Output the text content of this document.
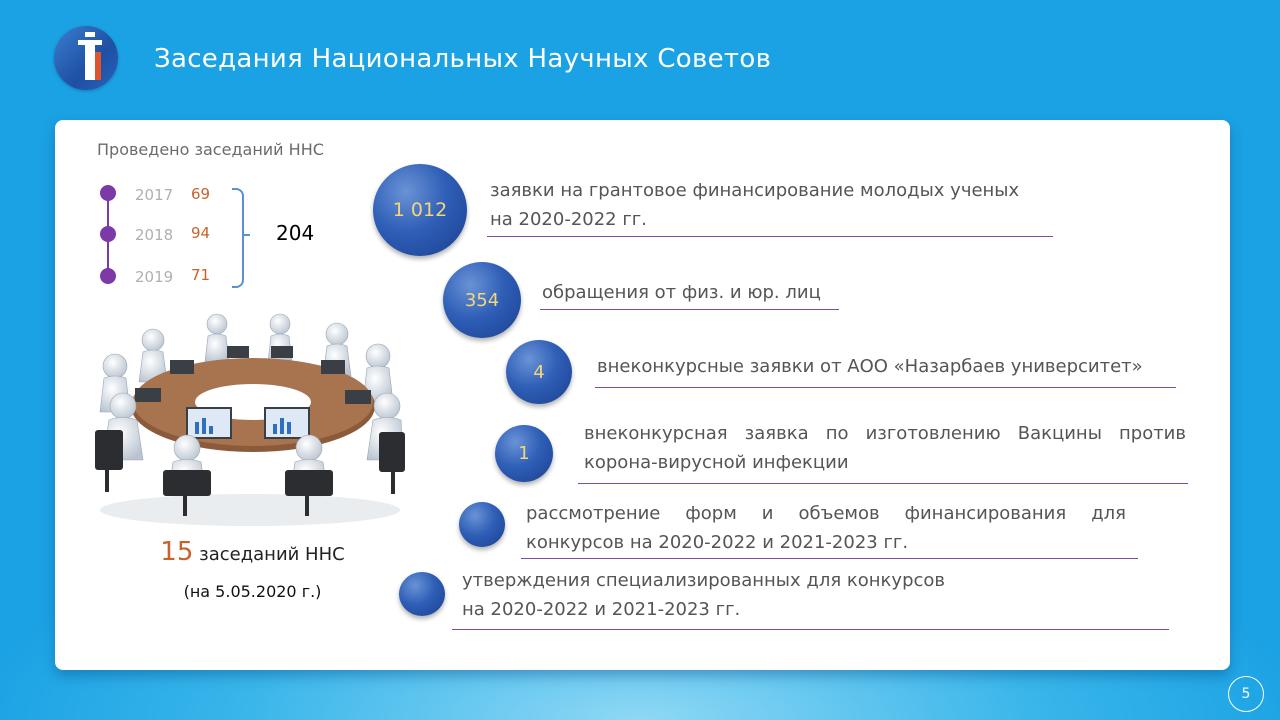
Заседания Национальных Научных Советов
Проведено заседаний ННС
2017 69
2018 94
2019 71
204
15 заседаний ННС
(на 5.05.2020 г.)
1 012
заявки на грантовое финансирование молодых ученых
на 2020-2022 гг.
354 обращения от физ. и юр. лиц
4	внеконкурсные заявки от АОО «Назарбаев университет»
1
внеконкурсная заявка по изготовлению Вакцины против
корона-вирусной инфекции
рассмотрение форм и объемов финансирования для
конкурсов на 2020-2022 и 2021-2023 гг.
утверждения специализированных для конкурсов
на 2020-2022 и 2021-2023 гг.
5
